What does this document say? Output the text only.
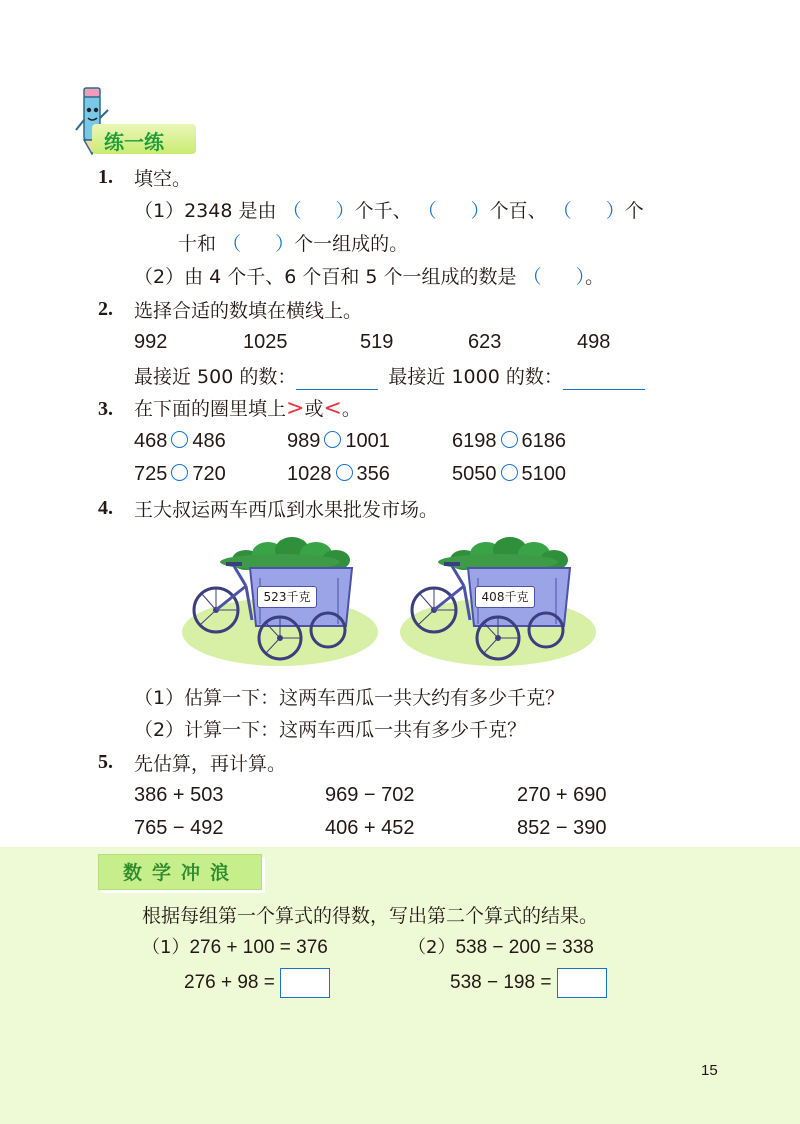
练一练
1. 填空。
（1）2348 是由 （ ）个千、 （ ）个百、 （ ）个
十和 （ ）个一组成的。
（2）由 4 个千、6 个百和 5 个一组成的数是 （ ）。
2. 选择合适的数填在横线上。
992	1025	519	623	498
最接近 500 的数：	最接近 1000 的数：
3. 在下面的圈里填上>或<。
468 486	989 1001	6198 6186
725 720	1028 356	5050 5100
4. 王大叔运两车西瓜到水果批发市场。
523千克	408千克
（1）估算一下：这两车西瓜一共大约有多少千克？
（2）计算一下：这两车西瓜一共有多少千克？
5. 先估算，再计算。
386 + 503	969 − 702	270 + 690
765 − 492	406 + 452	852 − 390
数学冲浪
根据每组第一个算式的得数，写出第二个算式的结果。
（1）276 + 100 = 376
276 + 98 =
（2）538 − 200 = 338
538 − 198 =
15
